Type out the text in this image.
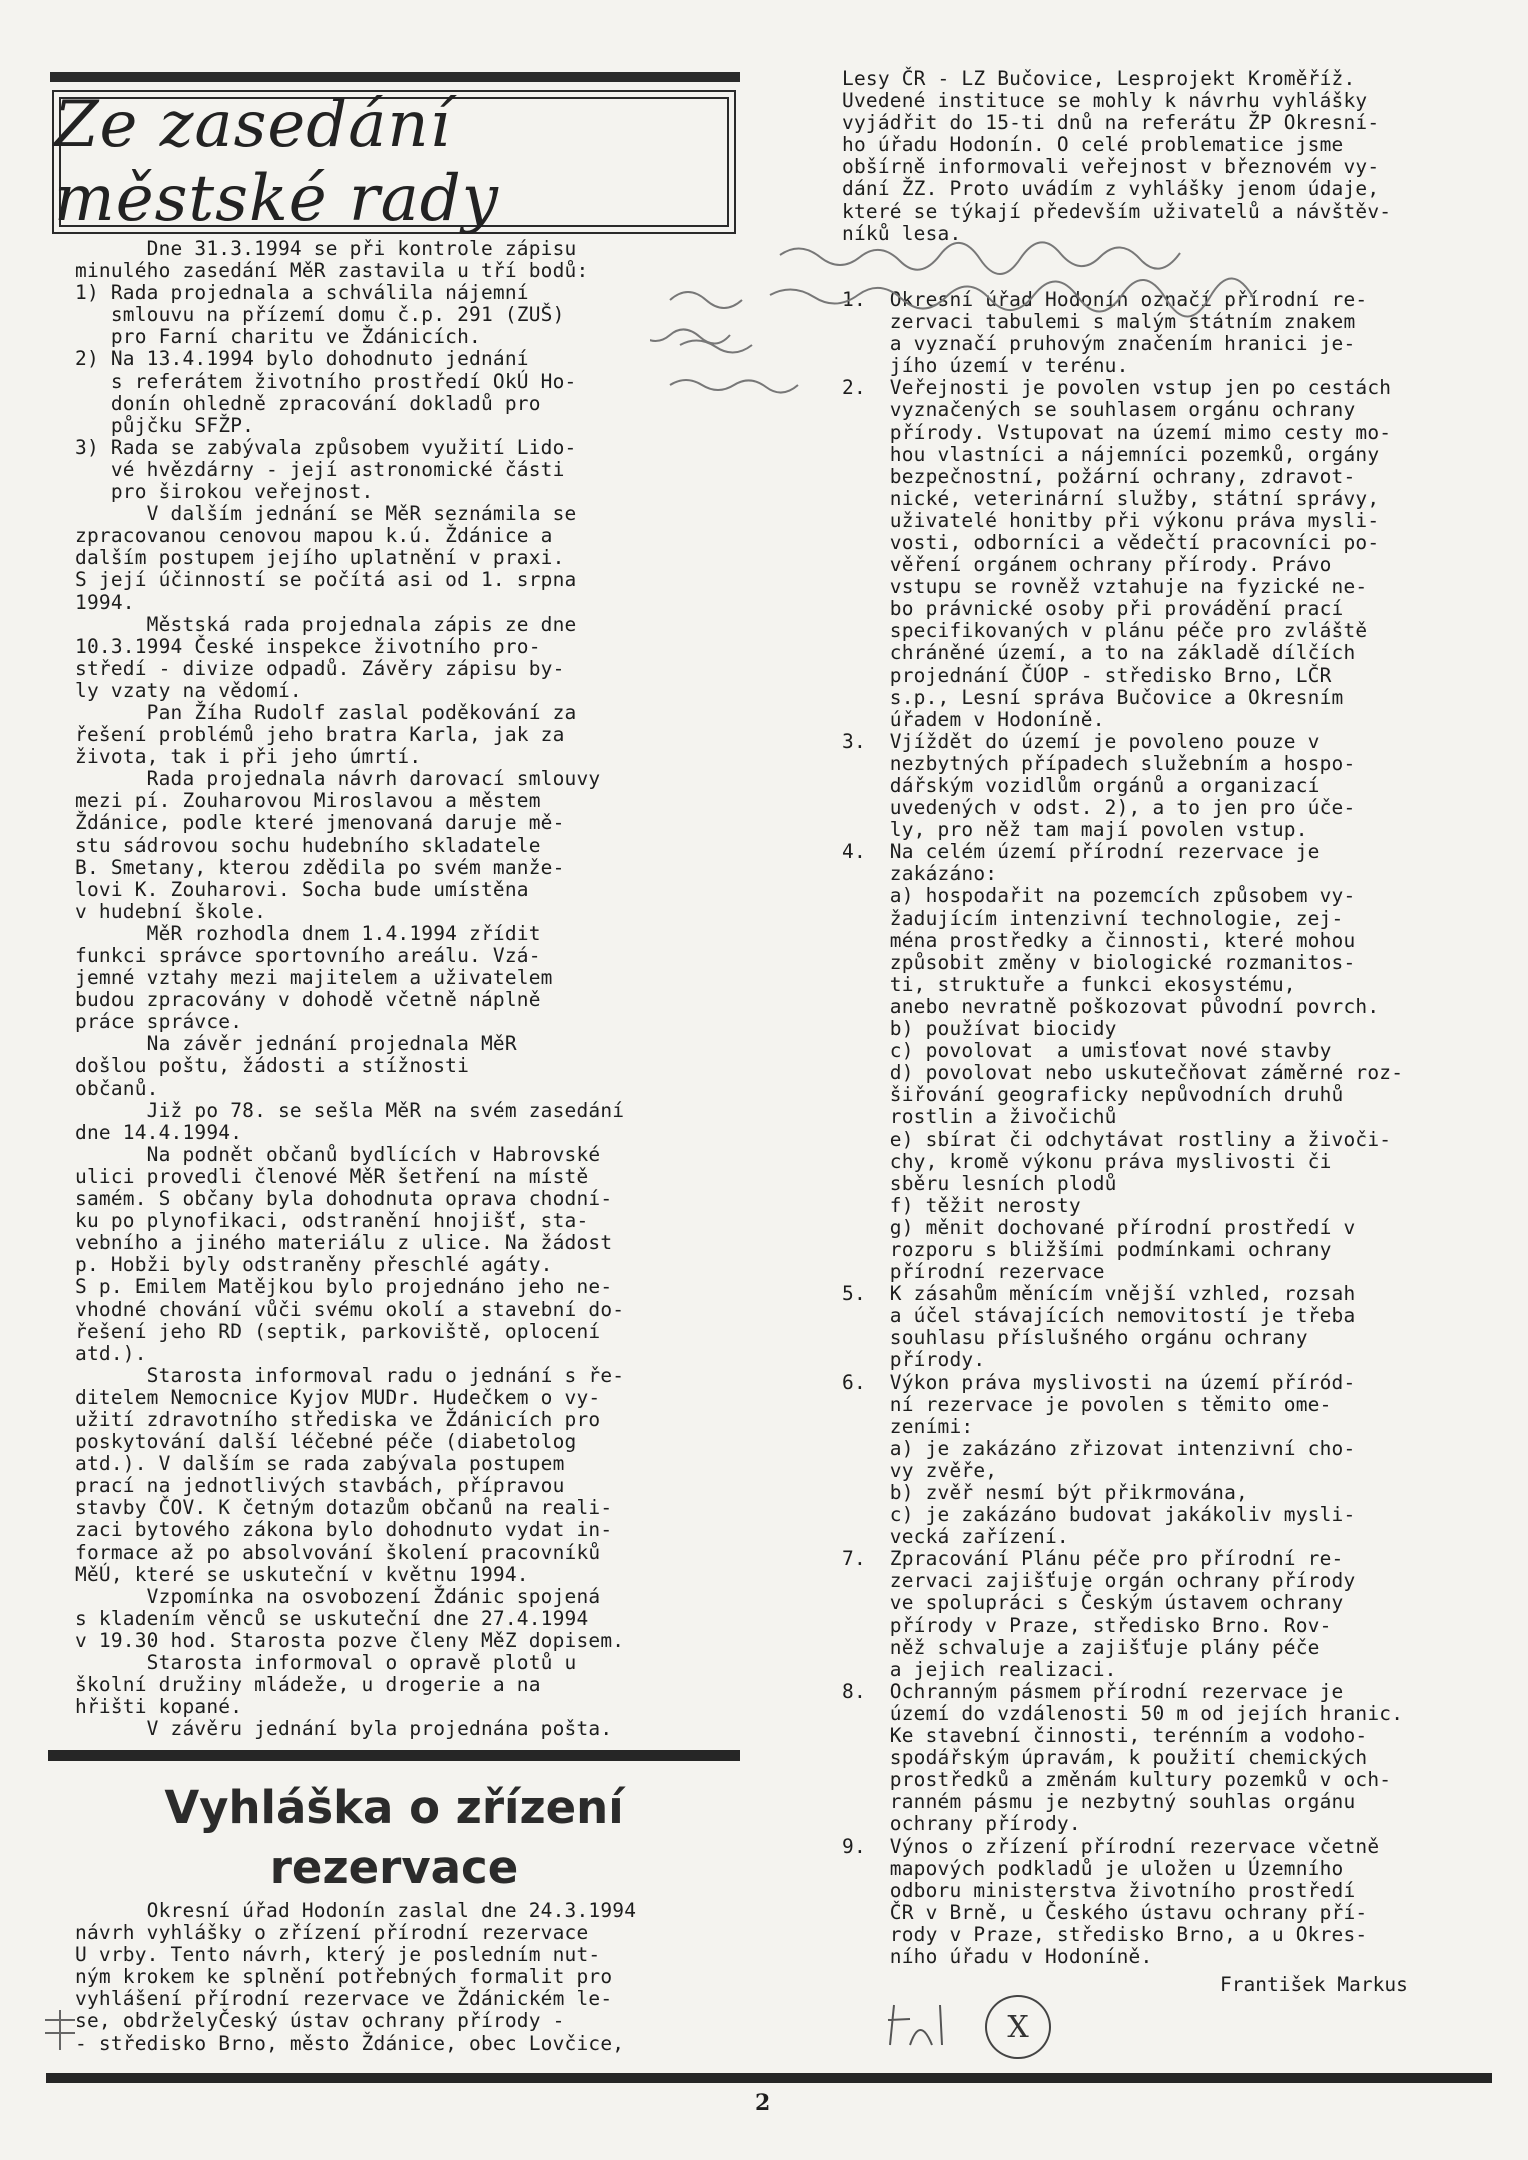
Ze zasedání městské rady
Dne 31.3.1994 se při kontrole zápisu
minulého zasedání MěR zastavila u tří bodů:
1) Rada projednala a schválila nájemní
smlouvu na přízemí domu č.p. 291 (ZUŠ)
pro Farní charitu ve Ždánicích.
2) Na 13.4.1994 bylo dohodnuto jednání
s referátem životního prostředí OkÚ Ho-
donín ohledně zpracování dokladů pro
půjčku SFŽP.
3) Rada se zabývala způsobem využití Lido-
vé hvězdárny - její astronomické části
pro širokou veřejnost.
V dalším jednání se MěR seznámila se
zpracovanou cenovou mapou k.ú. Ždánice a
dalším postupem jejího uplatnění v praxi.
S její účinností se počítá asi od 1. srpna
1994.
Městská rada projednala zápis ze dne
10.3.1994 České inspekce životního pro-
středí - divize odpadů. Závěry zápisu by-
ly vzaty na vědomí.
Pan Žíha Rudolf zaslal poděkování za
řešení problémů jeho bratra Karla, jak za
života, tak i při jeho úmrtí.
Rada projednala návrh darovací smlouvy
mezi pí. Zouharovou Miroslavou a městem
Ždánice, podle které jmenovaná daruje mě-
stu sádrovou sochu hudebního skladatele
B. Smetany, kterou zdědila po svém manže-
lovi K. Zouharovi. Socha bude umístěna
v hudební škole.
MěR rozhodla dnem 1.4.1994 zřídit
funkci správce sportovního areálu. Vzá-
jemné vztahy mezi majitelem a uživatelem
budou zpracovány v dohodě včetně náplně
práce správce.
Na závěr jednání projednala MěR
došlou poštu, žádosti a stížnosti
občanů.
Již po 78. se sešla MěR na svém zasedání
dne 14.4.1994.
Na podnět občanů bydlících v Habrovské
ulici provedli členové MěR šetření na místě
samém. S občany byla dohodnuta oprava chodní-
ku po plynofikaci, odstranění hnojišť, sta-
vebního a jiného materiálu z ulice. Na žádost
p. Hobži byly odstraněny přeschlé agáty.
S p. Emilem Matějkou bylo projednáno jeho ne-
vhodné chování vůči svému okolí a stavební do-
řešení jeho RD (septik, parkoviště, oplocení
atd.).
Starosta informoval radu o jednání s ře-
ditelem Nemocnice Kyjov MUDr. Hudečkem o vy-
užití zdravotního střediska ve Ždánicích pro
poskytování další léčebné péče (diabetolog
atd.). V dalším se rada zabývala postupem
prací na jednotlivých stavbách, přípravou
stavby ČOV. K četným dotazům občanů na reali-
zaci bytového zákona bylo dohodnuto vydat in-
formace až po absolvování školení pracovníků
MěÚ, které se uskuteční v květnu 1994.
Vzpomínka na osvobození Ždánic spojená
s kladením věnců se uskuteční dne 27.4.1994
v 19.30 hod. Starosta pozve členy MěZ dopisem.
Starosta informoval o opravě plotů u
školní družiny mládeže, u drogerie a na
hřišti kopané.
V závěru jednání byla projednána pošta.
Vyhláška o zřízení
rezervace
Okresní úřad Hodonín zaslal dne 24.3.1994
návrh vyhlášky o zřízení přírodní rezervace
U vrby. Tento návrh, který je posledním nut-
ným krokem ke splnění potřebných formalit pro
vyhlášení přírodní rezervace ve Ždánickém le-
se, obdrželyČeský ústav ochrany přírody -
- středisko Brno, město Ždánice, obec Lovčice,
Lesy ČR - LZ Bučovice, Lesprojekt Kroměříž.
Uvedené instituce se mohly k návrhu vyhlášky
vyjádřit do 15-ti dnů na referátu ŽP Okresní-
ho úřadu Hodonín. O celé problematice jsme
obšírně informovali veřejnost v březnovém vy-
dání ŽZ. Proto uvádím z vyhlášky jenom údaje,
které se týkají především uživatelů a návštěv-
níků lesa.

1.  Okresní úřad Hodonín označí přírodní re-
zervaci tabulemi s malým státním znakem
a vyznačí pruhovým značením hranici je-
jího území v terénu.
2.  Veřejnosti je povolen vstup jen po cestách
vyznačených se souhlasem orgánu ochrany
přírody. Vstupovat na území mimo cesty mo-
hou vlastníci a nájemníci pozemků, orgány
bezpečnostní, požární ochrany, zdravot-
nické, veterinární služby, státní správy,
uživatelé honitby při výkonu práva mysli-
vosti, odborníci a vědečtí pracovníci po-
věření orgánem ochrany přírody. Právo
vstupu se rovněž vztahuje na fyzické ne-
bo právnické osoby při provádění prací
specifikovaných v plánu péče pro zvláště
chráněné území, a to na základě dílčích
projednání ČÚOP - středisko Brno, LČR
s.p., Lesní správa Bučovice a Okresním
úřadem v Hodoníně.
3.  Vjíždět do území je povoleno pouze v
nezbytných případech služebním a hospo-
dářským vozidlům orgánů a organizací
uvedených v odst. 2), a to jen pro úče-
ly, pro něž tam mají povolen vstup.
4.  Na celém území přírodní rezervace je
zakázáno:
a) hospodařit na pozemcích způsobem vy-
žadujícím intenzivní technologie, zej-
ména prostředky a činnosti, které mohou
způsobit změny v biologické rozmanitos-
ti, struktuře a funkci ekosystému,
anebo nevratně poškozovat původní povrch.
b) používat biocidy
c) povolovat  a umisťovat nové stavby
d) povolovat nebo uskutečňovat záměrné roz-
šiřování geograficky nepůvodních druhů
rostlin a živočichů
e) sbírat či odchytávat rostliny a živoči-
chy, kromě výkonu práva myslivosti či
sběru lesních plodů
f) těžit nerosty
g) měnit dochované přírodní prostředí v
rozporu s bližšími podmínkami ochrany
přírodní rezervace
5.  K zásahům měnícím vnější vzhled, rozsah
a účel stávajících nemovitostí je třeba
souhlasu příslušného orgánu ochrany
přírody.
6.  Výkon práva myslivosti na území příród-
ní rezervace je povolen s těmito ome-
zeními:
a) je zakázáno zřizovat intenzivní cho-
vy zvěře,
b) zvěř nesmí být přikrmována,
c) je zakázáno budovat jakákoliv mysli-
vecká zařízení.
7.  Zpracování Plánu péče pro přírodní re-
zervaci zajišťuje orgán ochrany přírody
ve spolupráci s Českým ústavem ochrany
přírody v Praze, středisko Brno. Rov-
něž schvaluje a zajišťuje plány péče
a jejich realizaci.
8.  Ochranným pásmem přírodní rezervace je
území do vzdálenosti 50 m od jejích hranic.
Ke stavební činnosti, terénním a vodoho-
spodářským úpravám, k použití chemických
prostředků a změnám kultury pozemků v och-
ranném pásmu je nezbytný souhlas orgánu
ochrany přírody.
9.  Výnos o zřízení přírodní rezervace včetně
mapových podkladů je uložen u Územního
odboru ministerstva životního prostředí
ČR v Brně, u Českého ústavu ochrany pří-
rody v Praze, středisko Brno, a u Okres-
ního úřadu v Hodoníně.
František Markus
X
2
